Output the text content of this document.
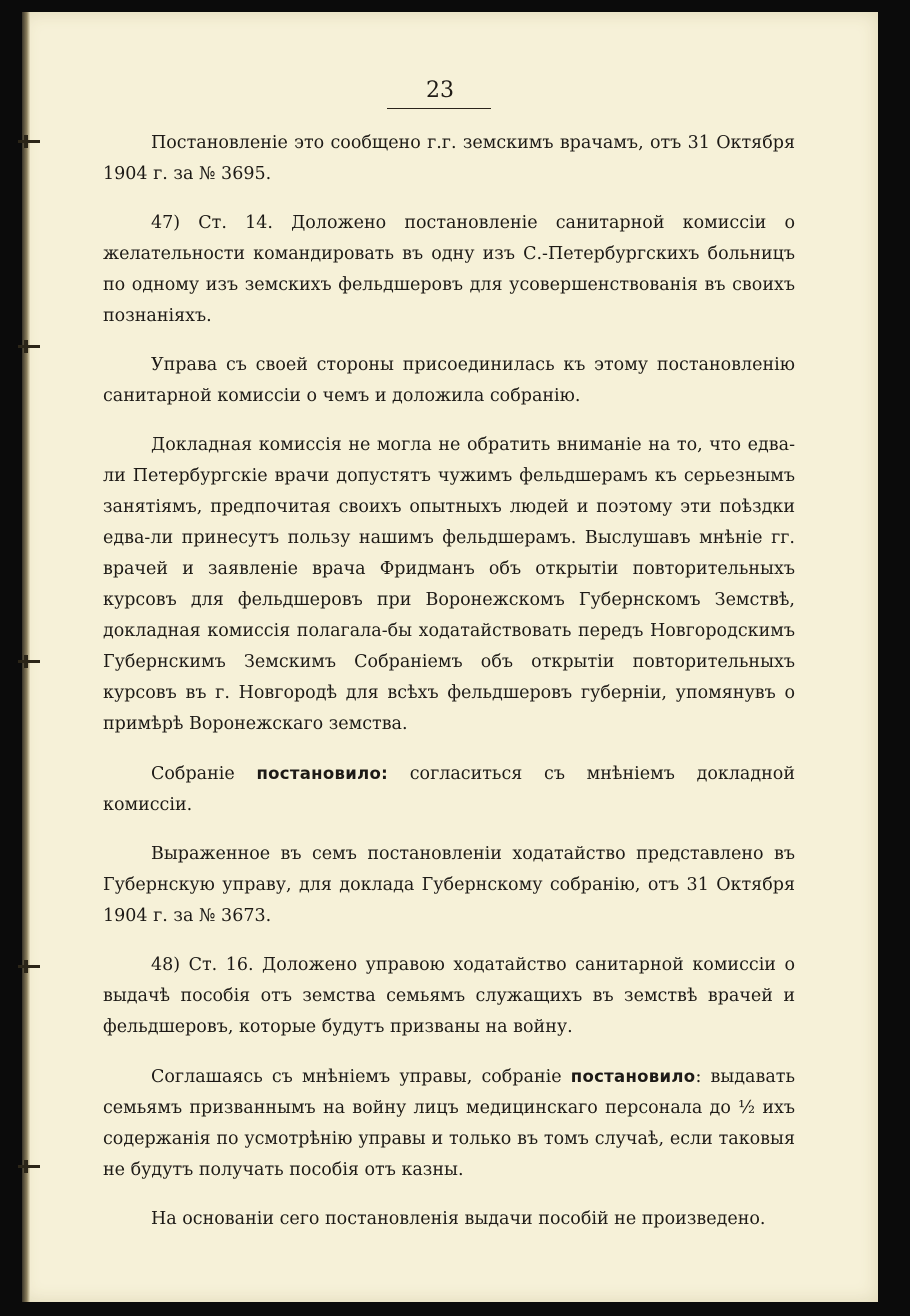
23

Постановленіе это сообщено г.г. земскимъ врачамъ, отъ 31 Октября 1904 г. за № 3695.

47) Ст. 14. Доложено постановленіе санитарной комиссіи о желательности командировать въ одну изъ С.-Петербургскихъ больницъ по одному изъ земскихъ фельдшеровъ для усовершенствованія въ своихъ познаніяхъ.

Управа съ своей стороны присоединилась къ этому постановленію санитарной комиссіи о чемъ и доложила собранію.

Докладная комиссія не могла не обратить вниманіе на то, что едва-ли Петербургскіе врачи допустятъ чужимъ фельдшерамъ къ серьезнымъ занятіямъ, предпочитая своихъ опытныхъ людей и поэтому эти поѣздки едва-ли принесутъ пользу нашимъ фельдшерамъ. Выслушавъ мнѣніе гг. врачей и заявленіе врача Фридманъ объ открытіи повторительныхъ курсовъ для фельдшеровъ при Воронежскомъ Губернскомъ Земствѣ, докладная комиссія полагала-бы ходатайствовать передъ Новгородскимъ Губернскимъ Земскимъ Собраніемъ объ открытіи повторительныхъ курсовъ въ г. Новгородѣ для всѣхъ фельдшеровъ губерніи, упомянувъ о примѣрѣ Воронежскаго земства.

Собраніе постановило: согласиться съ мнѣніемъ докладной комиссіи.

Выраженное въ семъ постановленіи ходатайство представлено въ Губернскую управу, для доклада Губернскому собранію, отъ 31 Октября 1904 г. за № 3673.

48) Ст. 16. Доложено управою ходатайство санитарной комиссіи о выдачѣ пособія отъ земства семьямъ служащихъ въ земствѣ врачей и фельдшеровъ, которые будутъ призваны на войну.

Соглашаясь съ мнѣніемъ управы, собраніе постановило: выдавать семьямъ призваннымъ на войну лицъ медицинскаго персонала до ½ ихъ содержанія по усмотрѣнію управы и только въ томъ случаѣ, если таковыя не будутъ получать пособія отъ казны.

На основаніи сего постановленія выдачи пособій не произведено.
